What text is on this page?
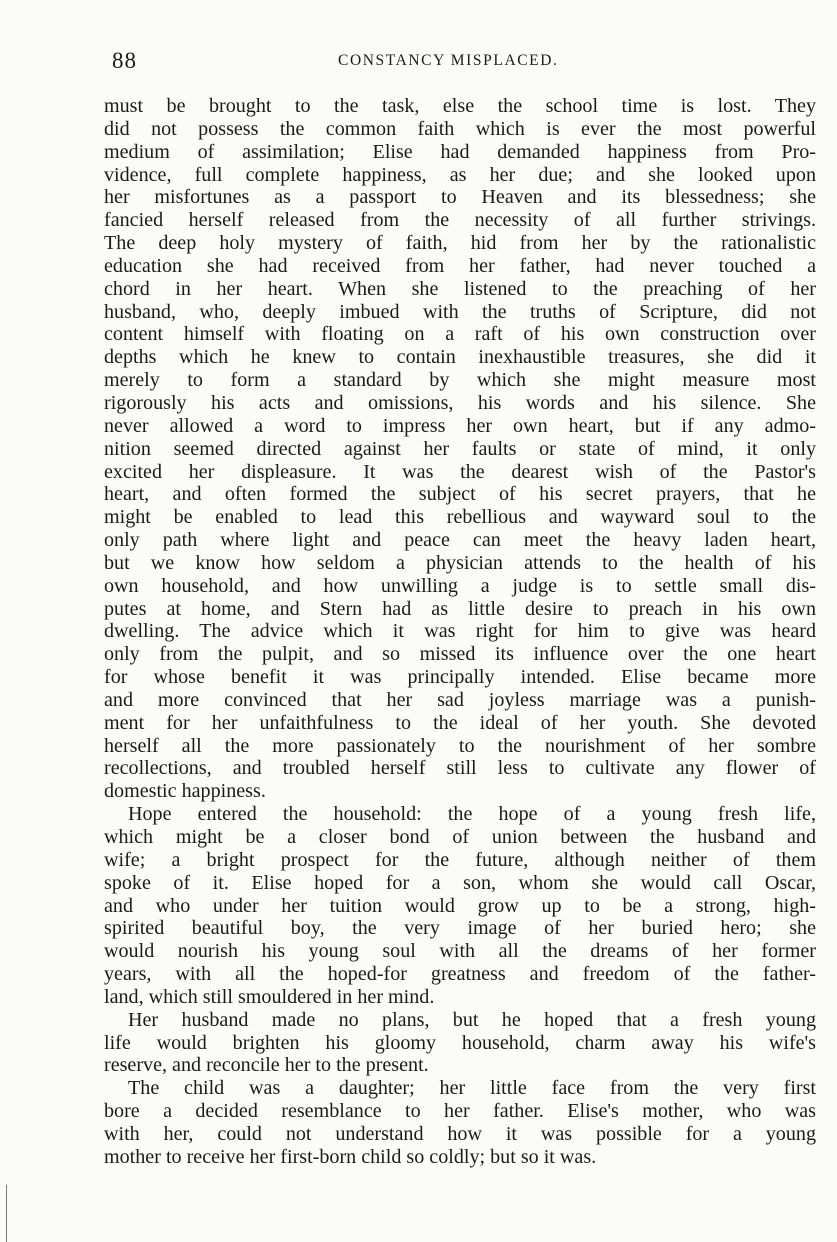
88	CONSTANCY MISPLACED.
must be brought to the task, else the school time is lost. They
did not possess the common faith which is ever the most powerful
medium of assimilation; Elise had demanded happiness from Pro-
vidence, full complete happiness, as her due; and she looked upon
her misfortunes as a passport to Heaven and its blessedness; she
fancied herself released from the necessity of all further strivings.
The deep holy mystery of faith, hid from her by the rationalistic
education she had received from her father, had never touched a
chord in her heart. When she listened to the preaching of her
husband, who, deeply imbued with the truths of Scripture, did not
content himself with floating on a raft of his own construction over
depths which he knew to contain inexhaustible treasures, she did it
merely to form a standard by which she might measure most
rigorously his acts and omissions, his words and his silence. She
never allowed a word to impress her own heart, but if any admo-
nition seemed directed against her faults or state of mind, it only
excited her displeasure. It was the dearest wish of the Pastor's
heart, and often formed the subject of his secret prayers, that he
might be enabled to lead this rebellious and wayward soul to the
only path where light and peace can meet the heavy laden heart,
but we know how seldom a physician attends to the health of his
own household, and how unwilling a judge is to settle small dis-
putes at home, and Stern had as little desire to preach in his own
dwelling. The advice which it was right for him to give was heard
only from the pulpit, and so missed its influence over the one heart
for whose benefit it was principally intended. Elise became more
and more convinced that her sad joyless marriage was a punish-
ment for her unfaithfulness to the ideal of her youth. She devoted
herself all the more passionately to the nourishment of her sombre
recollections, and troubled herself still less to cultivate any flower of
domestic happiness.
Hope entered the household: the hope of a young fresh life,
which might be a closer bond of union between the husband and
wife; a bright prospect for the future, although neither of them
spoke of it. Elise hoped for a son, whom she would call Oscar,
and who under her tuition would grow up to be a strong, high-
spirited beautiful boy, the very image of her buried hero; she
would nourish his young soul with all the dreams of her former
years, with all the hoped-for greatness and freedom of the father-
land, which still smouldered in her mind.
Her husband made no plans, but he hoped that a fresh young
life would brighten his gloomy household, charm away his wife's
reserve, and reconcile her to the present.
The child was a daughter; her little face from the very first
bore a decided resemblance to her father. Elise's mother, who was
with her, could not understand how it was possible for a young
mother to receive her first-born child so coldly; but so it was.
